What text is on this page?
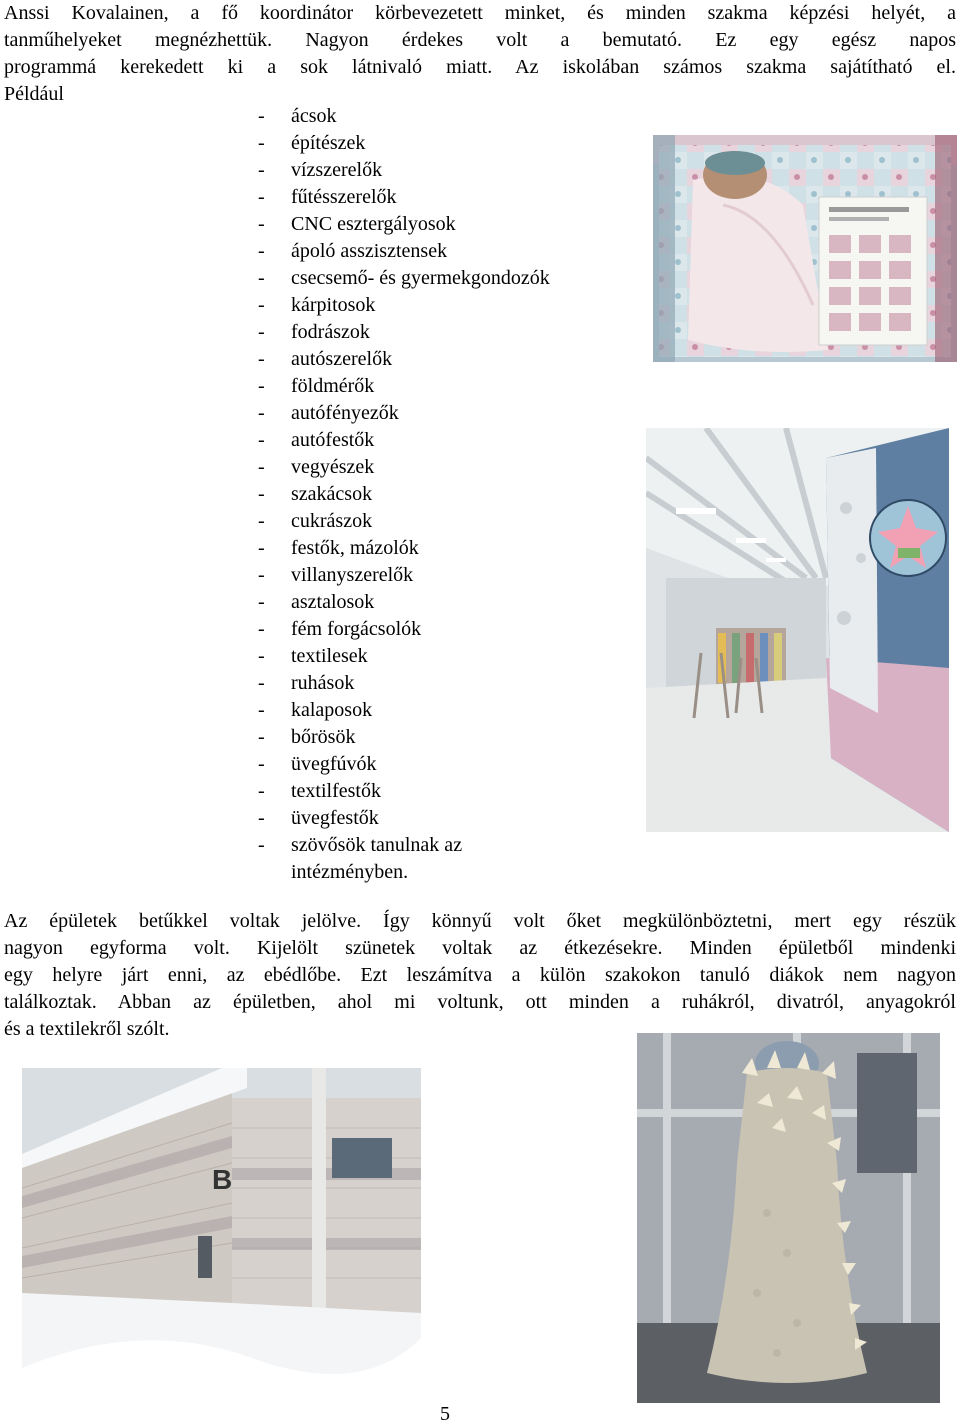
Anssi Kovalainen, a fő koordinátor körbevezetett minket, és minden szakma képzési helyét, a
tanműhelyeket megnézhettük. Nagyon érdekes volt a bemutató. Ez egy egész napos
programmá kerekedett ki a sok látnivaló miatt. Az iskolában számos szakma sajátítható el.
Például
-	ácsok
-	építészek
-	vízszerelők
-	fűtésszerelők
-	CNC esztergályosok
-	ápoló asszisztensek
-	csecsemő- és gyermekgondozók
-	kárpitosok
-	fodrászok
-	autószerelők
-	földmérők
-	autófényezők
-	autófestők
-	vegyészek
-	szakácsok
-	cukrászok
-	festők, mázolók
-	villanyszerelők
-	asztalosok
-	fém forgácsolók
-	textilesek
-	ruhások
-	kalaposok
-	bőrösök
-	üvegfúvók
-	textilfestők
-	üvegfestők
-	szövősök tanulnak az
intézményben.
Az épületek betűkkel voltak jelölve. Így könnyű volt őket megkülönböztetni, mert egy részük
nagyon egyforma volt. Kijelölt szünetek voltak az étkezésekre. Minden épületből mindenki
egy helyre járt enni, az ebédlőbe. Ezt leszámítva a külön szakokon tanuló diákok nem nagyon
találkoztak. Abban az épületben, ahol mi voltunk, ott minden a ruhákról, divatról, anyagokról
és a textilekről szólt.
B
5
